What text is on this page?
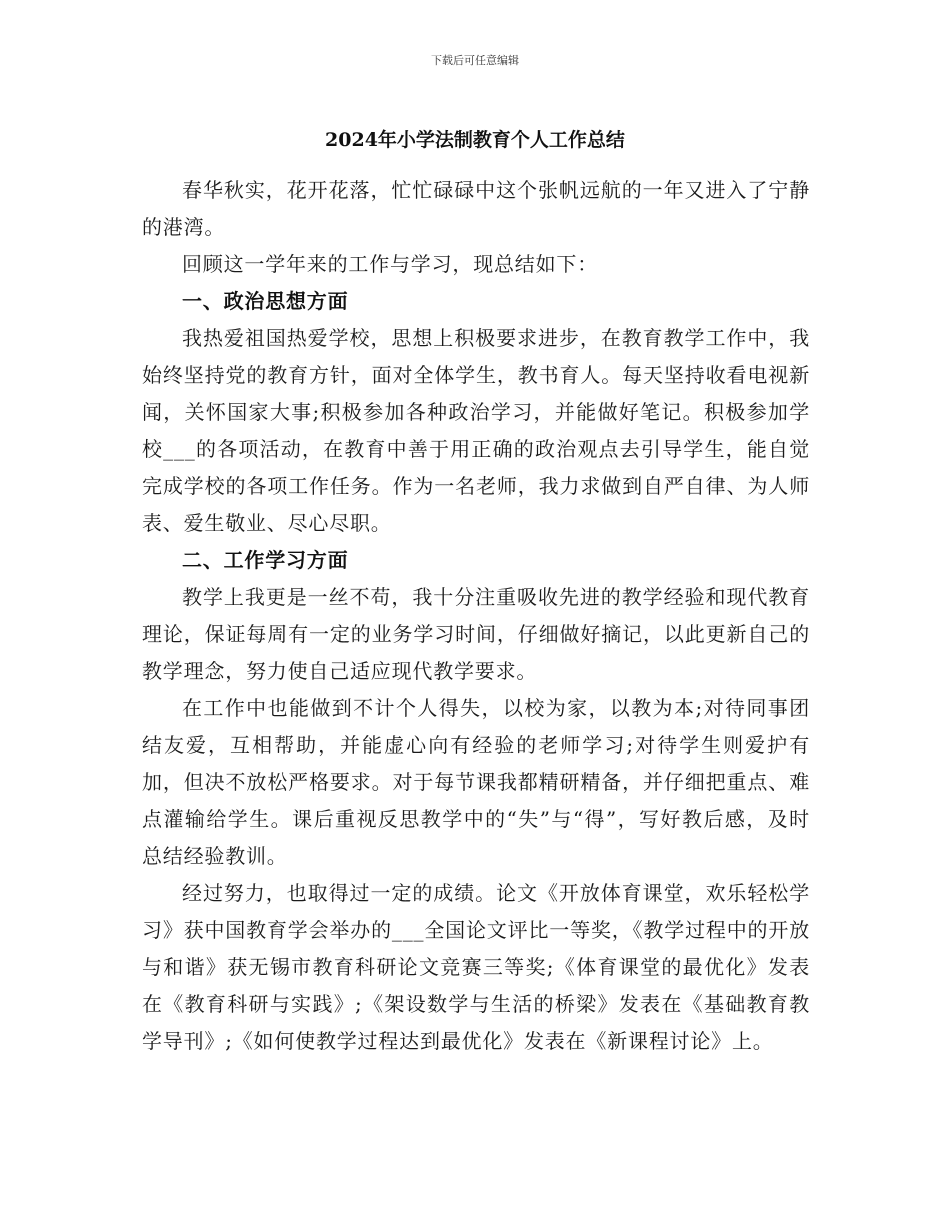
下载后可任意编辑
2024年小学法制教育个人工作总结

春华秋实，花开花落，忙忙碌碌中这个张帆远航的一年又进入了宁静的港湾。

回顾这一学年来的工作与学习，现总结如下：

一、政治思想方面

我热爱祖国热爱学校，思想上积极要求进步，在教育教学工作中，我始终坚持党的教育方针，面对全体学生，教书育人。每天坚持收看电视新闻，关怀国家大事;积极参加各种政治学习，并能做好笔记。积极参加学校___的各项活动，在教育中善于用正确的政治观点去引导学生，能自觉完成学校的各项工作任务。作为一名老师，我力求做到自严自律、为人师表、爱生敬业、尽心尽职。

二、工作学习方面

教学上我更是一丝不苟，我十分注重吸收先进的教学经验和现代教育理论，保证每周有一定的业务学习时间，仔细做好摘记，以此更新自己的教学理念，努力使自己适应现代教学要求。

在工作中也能做到不计个人得失，以校为家，以教为本;对待同事团结友爱，互相帮助，并能虚心向有经验的老师学习;对待学生则爱护有加，但决不放松严格要求。对于每节课我都精研精备，并仔细把重点、难点灌输给学生。课后重视反思教学中的“失”与“得”，写好教后感，及时总结经验教训。

经过努力，也取得过一定的成绩。论文《开放体育课堂，欢乐轻松学习》获中国教育学会举办的___全国论文评比一等奖，《教学过程中的开放与和谐》获无锡市教育科研论文竞赛三等奖;《体育课堂的最优化》发表在《教育科研与实践》;《架设数学与生活的桥梁》发表在《基础教育教学导刊》;《如何使教学过程达到最优化》发表在《新课程讨论》上。
